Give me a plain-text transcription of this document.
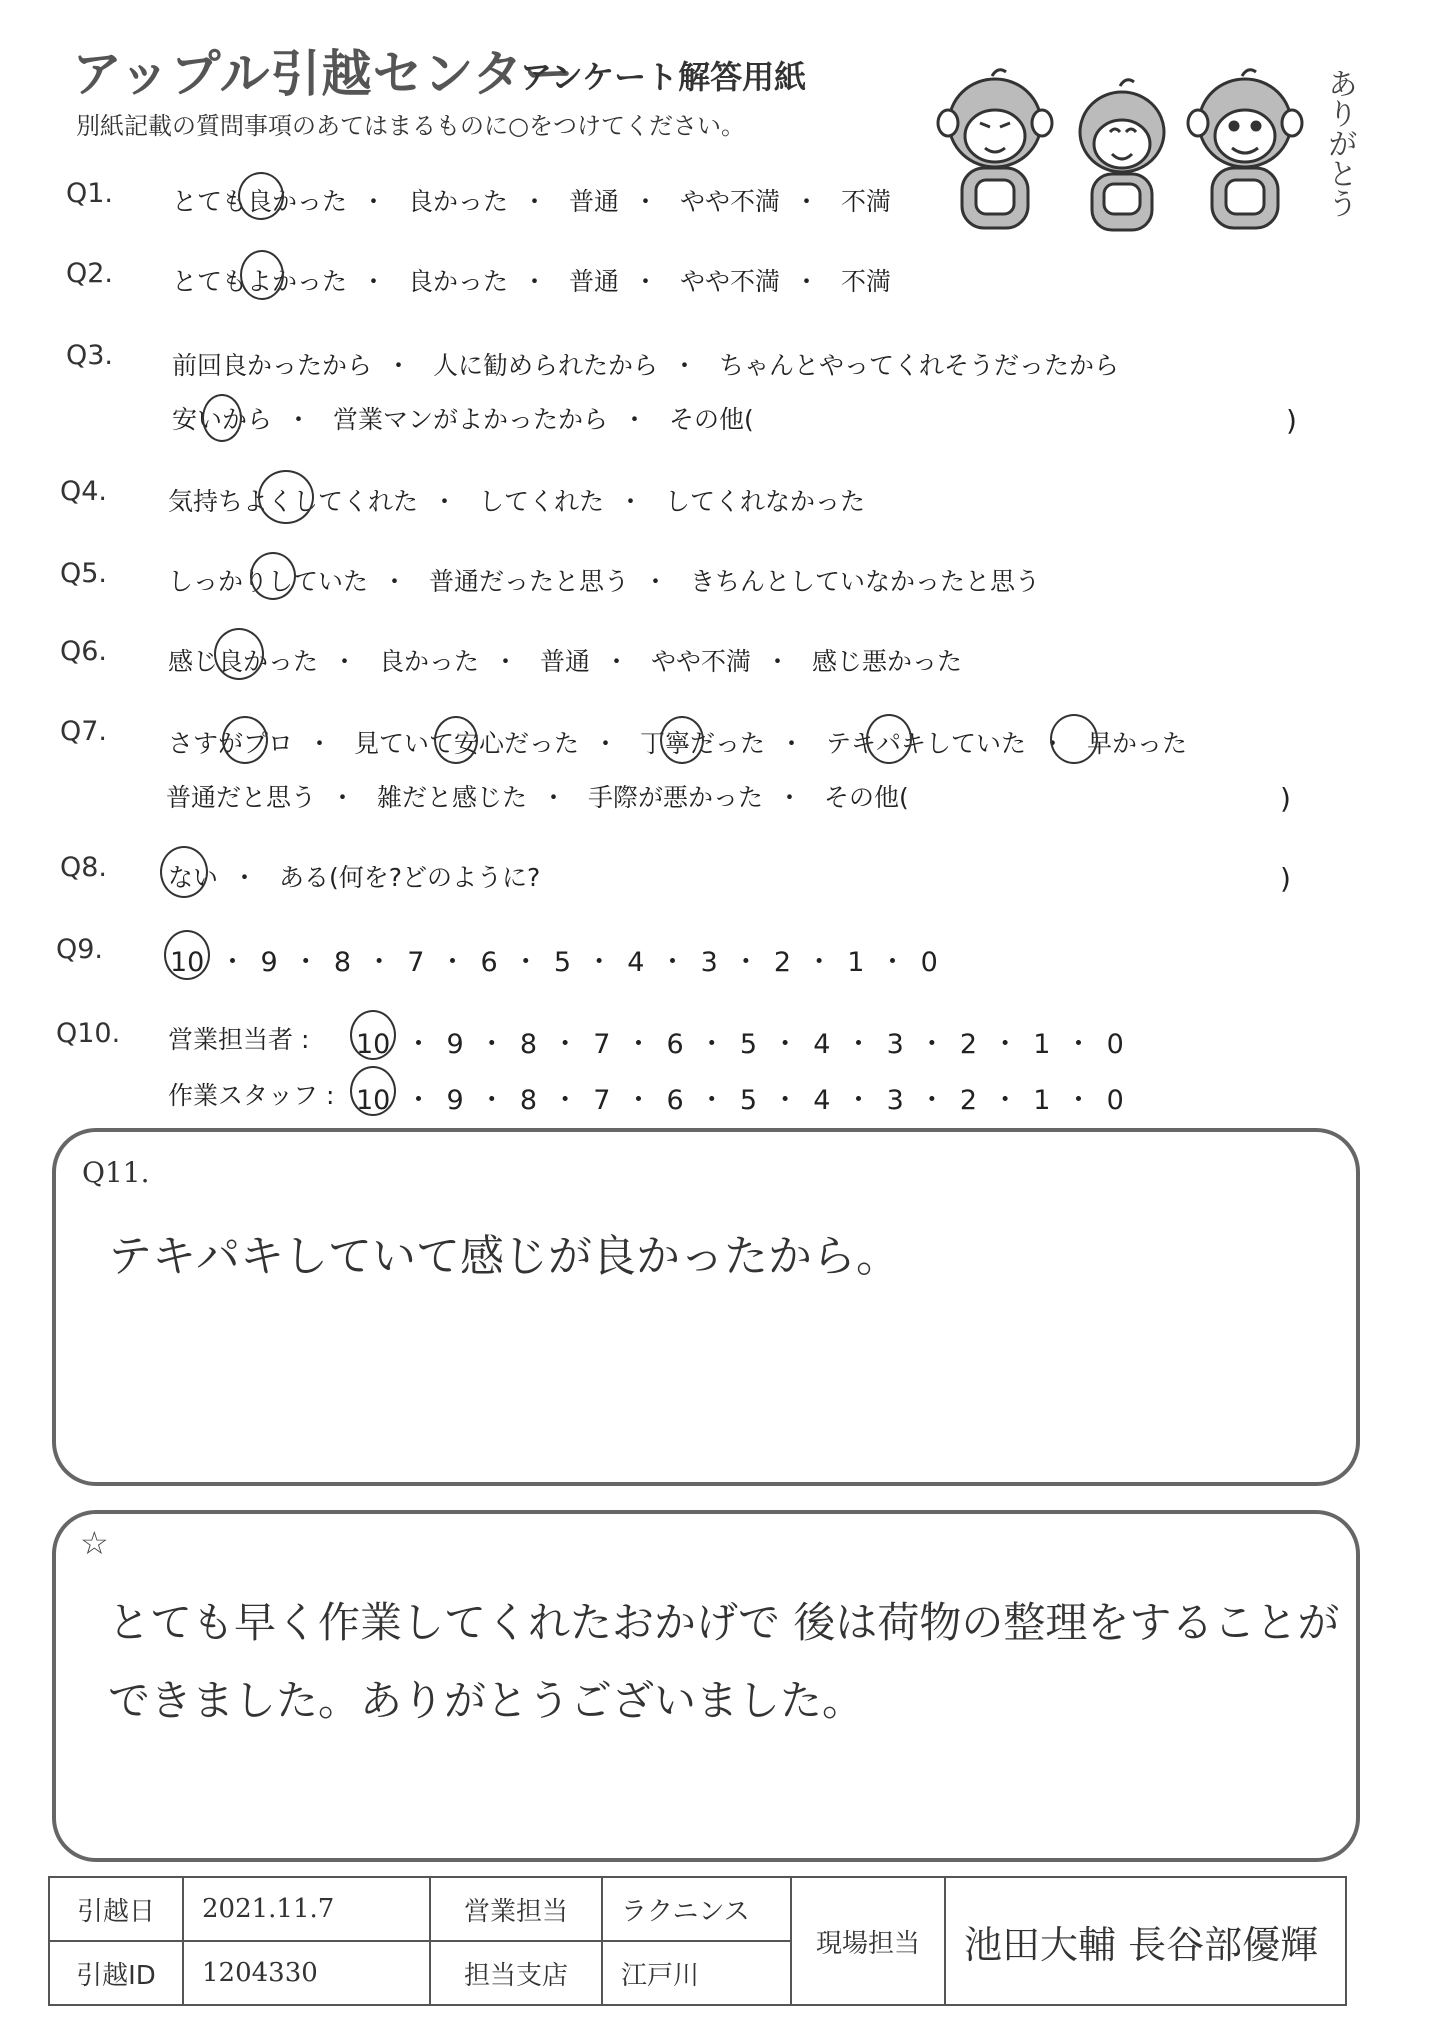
アップル引越センター
アンケート解答用紙
別紙記載の質問事項のあてはまるものに○をつけてください。	ありがとう
Q1. とても良かった ・ 良かった ・ 普通 ・ やや不満 ・ 不満
Q2. とてもよかった ・ 良かった ・ 普通 ・ やや不満 ・ 不満
Q3. 前回良かったから ・ 人に勧められたから ・ ちゃんとやってくれそうだったから
安いから ・ 営業マンがよかったから ・ その他(	)
Q4. 気持ちよくしてくれた ・ してくれた ・ してくれなかった
Q5. しっかりしていた ・ 普通だったと思う ・ きちんとしていなかったと思う
Q6. 感じ良かった ・ 良かった ・ 普通 ・ やや不満 ・ 感じ悪かった
Q7. さすがプロ ・ 見ていて安心だった ・ 丁寧だった ・ テキパキしていた ・ 早かった
普通だと思う ・ 雑だと感じた ・ 手際が悪かった ・ その他(	)
Q8. ない ・ ある(何を?どのように?	)
Q9. 10 ・ 9 ・ 8 ・ 7 ・ 6 ・ 5 ・ 4 ・ 3 ・ 2 ・ 1 ・ 0
Q10. 営業担当者 : 10 ・ 9 ・ 8 ・ 7 ・ 6 ・ 5 ・ 4 ・ 3 ・ 2 ・ 1 ・ 0
作業スタッフ : 10 ・ 9 ・ 8 ・ 7 ・ 6 ・ 5 ・ 4 ・ 3 ・ 2 ・ 1 ・ 0
Q11.
テキパキしていて感じが良かったから。
☆
とても早く作業してくれたおかげで 後は荷物の整理をすることが
できました。ありがとうございました。
引越日	2021.11.7	営業担当	ラクニンス	現場担当	池田大輔 長谷部優輝
引越ID	1204330	担当支店	江戸川		
